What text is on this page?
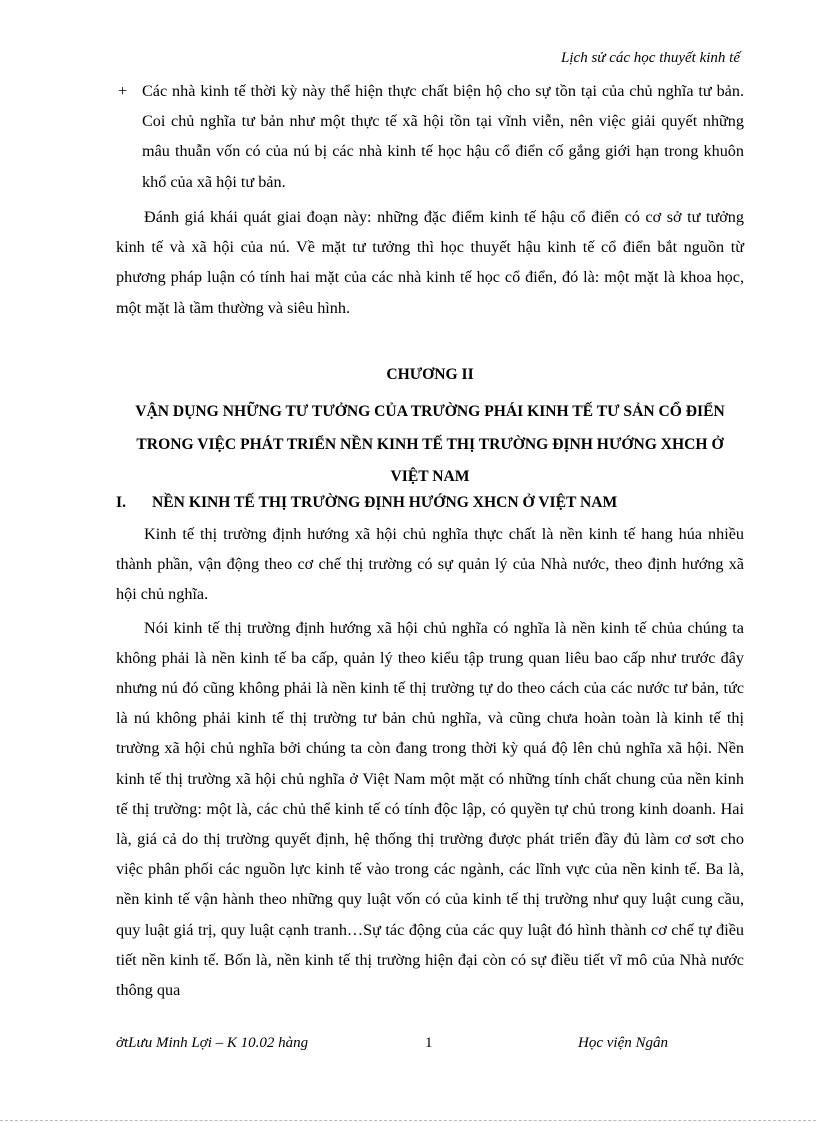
Lịch sử các học thuyết kinh tế
+ Các nhà kinh tế thời kỳ này thể hiện thực chất biện hộ cho sự tồn tại của chủ nghĩa tư bản. Coi chủ nghĩa tư bản như một thực tế xã hội tồn tại vĩnh viễn, nên việc giải quyết những mâu thuẫn vốn có của nú bị các nhà kinh tế học hậu cổ điển cố gắng giới hạn trong khuôn khổ của xã hội tư bản.
Đánh giá khái quát giai đoạn này: những đặc điểm kinh tế hậu cổ điển có cơ sở tư tưởng kinh tế và xã hội của nú. Về mặt tư tưởng thì học thuyết hậu kinh tế cổ điển bắt nguồn từ phương pháp luận có tính hai mặt của các nhà kinh tế học cổ điển, đó là: một mặt là khoa học, một mặt là tầm thường và siêu hình.
CHƯƠNG II
VẬN DỤNG NHỮNG TƯ TƯỞNG CỦA TRƯỜNG PHÁI KINH TẾ TƯ SẢN CỔ ĐIỂN TRONG VIỆC PHÁT TRIỂN NỀN KINH TẾ THỊ TRƯỜNG ĐỊNH HƯỚNG XHCH Ở VIỆT NAM
I. NỀN KINH TẾ THỊ TRƯỜNG ĐỊNH HƯỚNG XHCN Ở VIỆT NAM

Kinh tế thị trường định hướng xã hội chủ nghĩa thực chất là nền kinh tế hang húa nhiều thành phần, vận động theo cơ chế thị trường có sự quản lý của Nhà nước, theo định hướng xã hội chủ nghĩa.

Nói kinh tế thị trường định hướng xã hội chủ nghĩa có nghĩa là nền kinh tế chủa chúng ta không phải là nền kinh tế ba cấp, quản lý theo kiểu tập trung quan liêu bao cấp như trước đây nhưng nú đó cũng không phải là nền kinh tế thị trường tự do theo cách của các nước tư bản, tức là nú không phải kinh tế thị trường tư bản chủ nghĩa, và cũng chưa hoàn toàn là kinh tế thị trường xã hội chủ nghĩa bởi chúng ta còn đang trong thời kỳ quá độ lên chủ nghĩa xã hội. Nền kinh tế thị trường xã hội chủ nghĩa ở Việt Nam một mặt có những tính chất chung của nền kinh tế thị trường: một là, các chủ thể kinh tế có tính độc lập, có quyền tự chủ trong kinh doanh. Hai là, giá cả do thị trường quyết định, hệ thống thị trường được phát triển đầy đủ làm cơ sơt cho việc phân phối các nguồn lực kinh tế vào trong các ngành, các lĩnh vực của nền kinh tế. Ba là, nền kinh tế vận hành theo những quy luật vốn có của kinh tế thị trường như quy luật cung cầu, quy luật giá trị, quy luật cạnh tranh…Sự tác động của các quy luật đó hình thành cơ chế tự điều tiết nền kinh tế. Bốn là, nền kinh tế thị trường hiện đại còn có sự điều tiết vĩ mô của Nhà nước thông qua

ởtLưu Minh Lợi – K 10.02 hàng	1	Học viện Ngân
